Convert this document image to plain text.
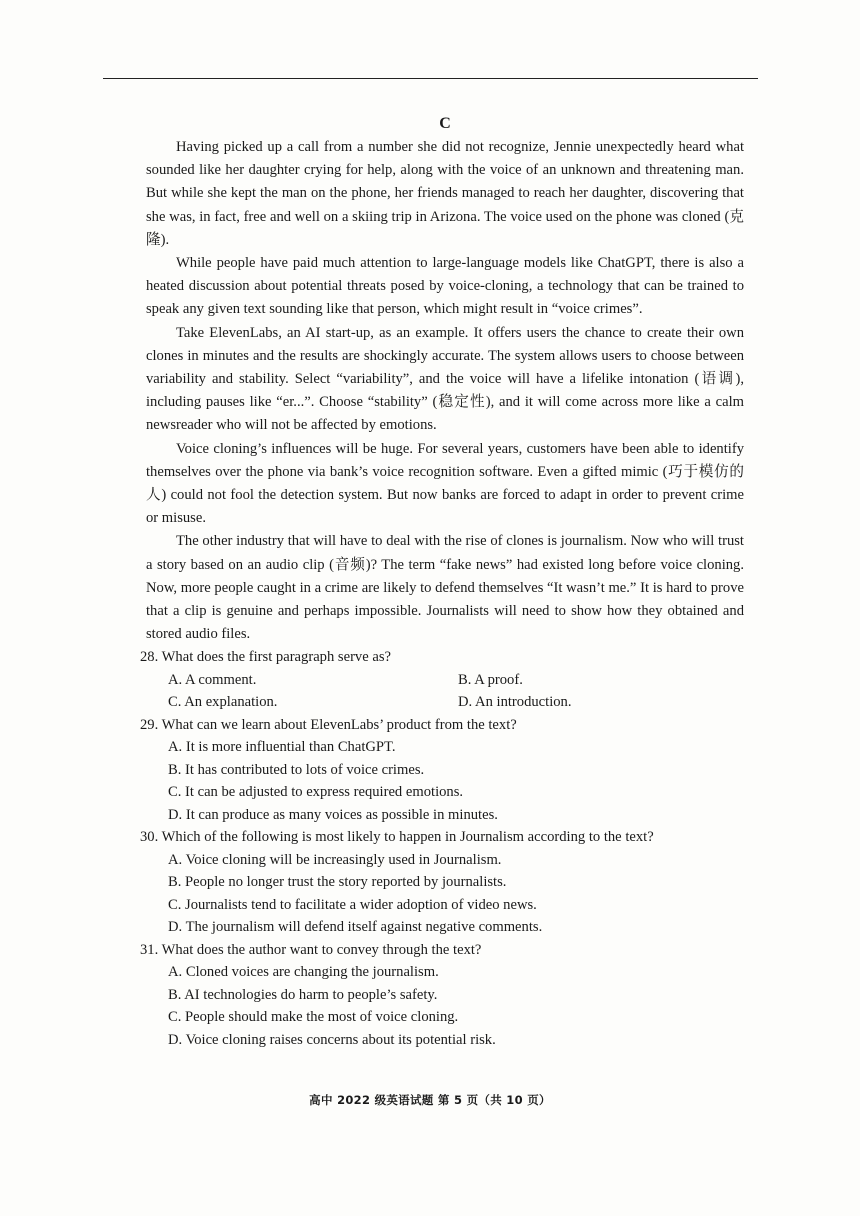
C

Having picked up a call from a number she did not recognize, Jennie unexpectedly heard what sounded like her daughter crying for help, along with the voice of an unknown and threatening man. But while she kept the man on the phone, her friends managed to reach her daughter, discovering that she was, in fact, free and well on a skiing trip in Arizona. The voice used on the phone was cloned (克隆).

While people have paid much attention to large-language models like ChatGPT, there is also a heated discussion about potential threats posed by voice-cloning, a technology that can be trained to speak any given text sounding like that person, which might result in “voice crimes”.

Take ElevenLabs, an AI start-up, as an example. It offers users the chance to create their own clones in minutes and the results are shockingly accurate. The system allows users to choose between variability and stability. Select “variability”, and the voice will have a lifelike intonation (语调), including pauses like “er...”. Choose “stability” (稳定性), and it will come across more like a calm newsreader who will not be affected by emotions.

Voice cloning’s influences will be huge. For several years, customers have been able to identify themselves over the phone via bank’s voice recognition software. Even a gifted mimic (巧于模仿的人) could not fool the detection system. But now banks are forced to adapt in order to prevent crime or misuse.

The other industry that will have to deal with the rise of clones is journalism. Now who will trust a story based on an audio clip (音频)? The term “fake news” had existed long before voice cloning. Now, more people caught in a crime are likely to defend themselves “It wasn’t me.” It is hard to prove that a clip is genuine and perhaps impossible. Journalists will need to show how they obtained and stored audio files.

28. What does the first paragraph serve as?

A. A comment.	B. A proof.
C. An explanation.	D. An introduction.

29. What can we learn about ElevenLabs’ product from the text?

A. It is more influential than ChatGPT.
B. It has contributed to lots of voice crimes.
C. It can be adjusted to express required emotions.
D. It can produce as many voices as possible in minutes.

30. Which of the following is most likely to happen in Journalism according to the text?

A. Voice cloning will be increasingly used in Journalism.
B. People no longer trust the story reported by journalists.
C. Journalists tend to facilitate a wider adoption of video news.
D. The journalism will defend itself against negative comments.

31. What does the author want to convey through the text?

A. Cloned voices are changing the journalism.
B. AI technologies do harm to people’s safety.
C. People should make the most of voice cloning.
D. Voice cloning raises concerns about its potential risk.
高中 2022 级英语试题 第 5 页（共 10 页）
